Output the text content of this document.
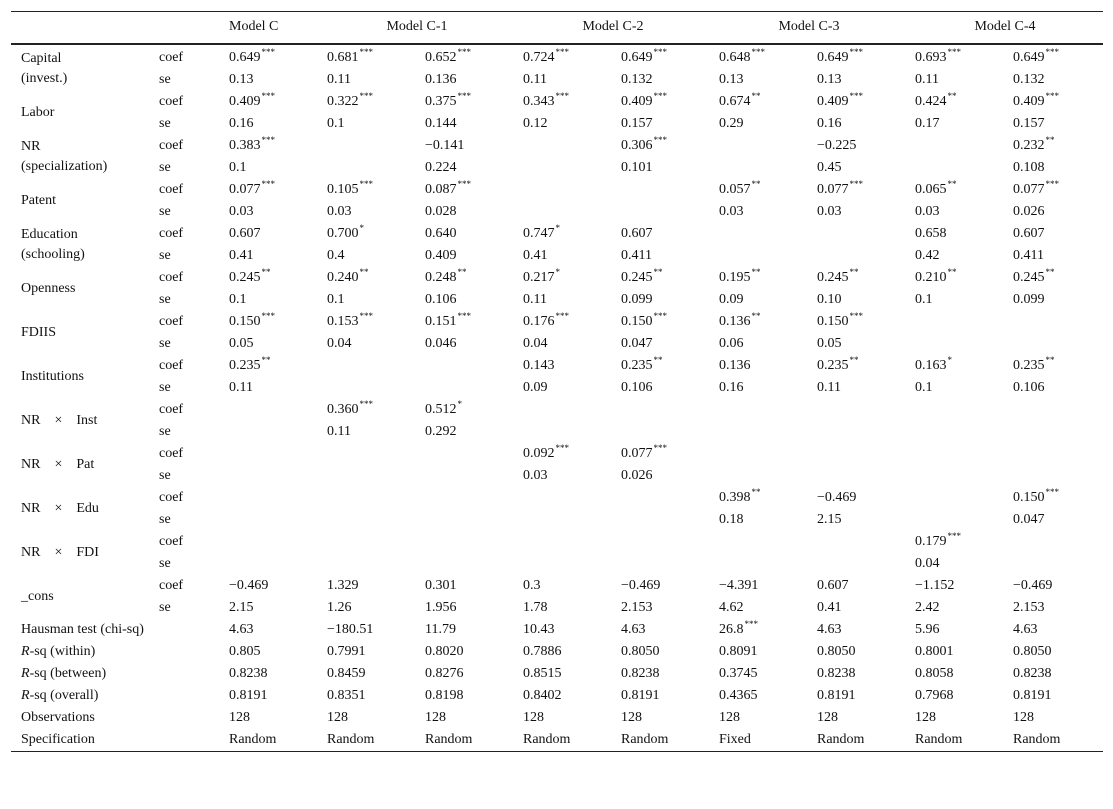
		Model C	Model C-1		Model C-2		Model C-3		Model C-4	
Capital (invest.)	coef	0.649***	0.681***	0.652***	0.724***	0.649***	0.648***	0.649***	0.693***	0.649***
	se	0.13	0.11	0.136	0.11	0.132	0.13	0.13	0.11	0.132
Labor	coef	0.409***	0.322***	0.375***	0.343***	0.409***	0.674**	0.409***	0.424**	0.409***
	se	0.16	0.1	0.144	0.12	0.157	0.29	0.16	0.17	0.157
NR (specialization)	coef	0.383***		−0.141		0.306***		−0.225		0.232**
	se	0.1		0.224		0.101		0.45		0.108
Patent	coef	0.077***	0.105***	0.087***			0.057**	0.077***	0.065**	0.077***
	se	0.03	0.03	0.028			0.03	0.03	0.03	0.026
Education (schooling)	coef	0.607	0.700*	0.640	0.747*	0.607			0.658	0.607
	se	0.41	0.4	0.409	0.41	0.411			0.42	0.411
Openness	coef	0.245**	0.240**	0.248**	0.217*	0.245**	0.195**	0.245**	0.210**	0.245**
	se	0.1	0.1	0.106	0.11	0.099	0.09	0.10	0.1	0.099
FDIIS	coef	0.150***	0.153***	0.151***	0.176***	0.150***	0.136**	0.150***		
	se	0.05	0.04	0.046	0.04	0.047	0.06	0.05		
Institutions	coef	0.235**			0.143	0.235**	0.136	0.235**	0.163*	0.235**
	se	0.11			0.09	0.106	0.16	0.11	0.1	0.106
NR × Inst	coef		0.360***	0.512*						
	se		0.11	0.292						
NR × Pat	coef				0.092***	0.077***				
	se				0.03	0.026				
NR × Edu	coef						0.398**	−0.469		0.150***
	se						0.18	2.15		0.047
NR × FDI	coef								0.179***	
	se								0.04	
_cons	coef	−0.469	1.329	0.301	0.3	−0.469	−4.391	0.607	−1.152	−0.469
	se	2.15	1.26	1.956	1.78	2.153	4.62	0.41	2.42	2.153
Hausman test (chi-sq)		4.63	−180.51	11.79	10.43	4.63	26.8***	4.63	5.96	4.63
R-sq (within)		0.805	0.7991	0.8020	0.7886	0.8050	0.8091	0.8050	0.8001	0.8050
R-sq (between)		0.8238	0.8459	0.8276	0.8515	0.8238	0.3745	0.8238	0.8058	0.8238
R-sq (overall)		0.8191	0.8351	0.8198	0.8402	0.8191	0.4365	0.8191	0.7968	0.8191
Observations		128	128	128	128	128	128	128	128	128
Specification		Random	Random	Random	Random	Random	Fixed	Random	Random	Random
